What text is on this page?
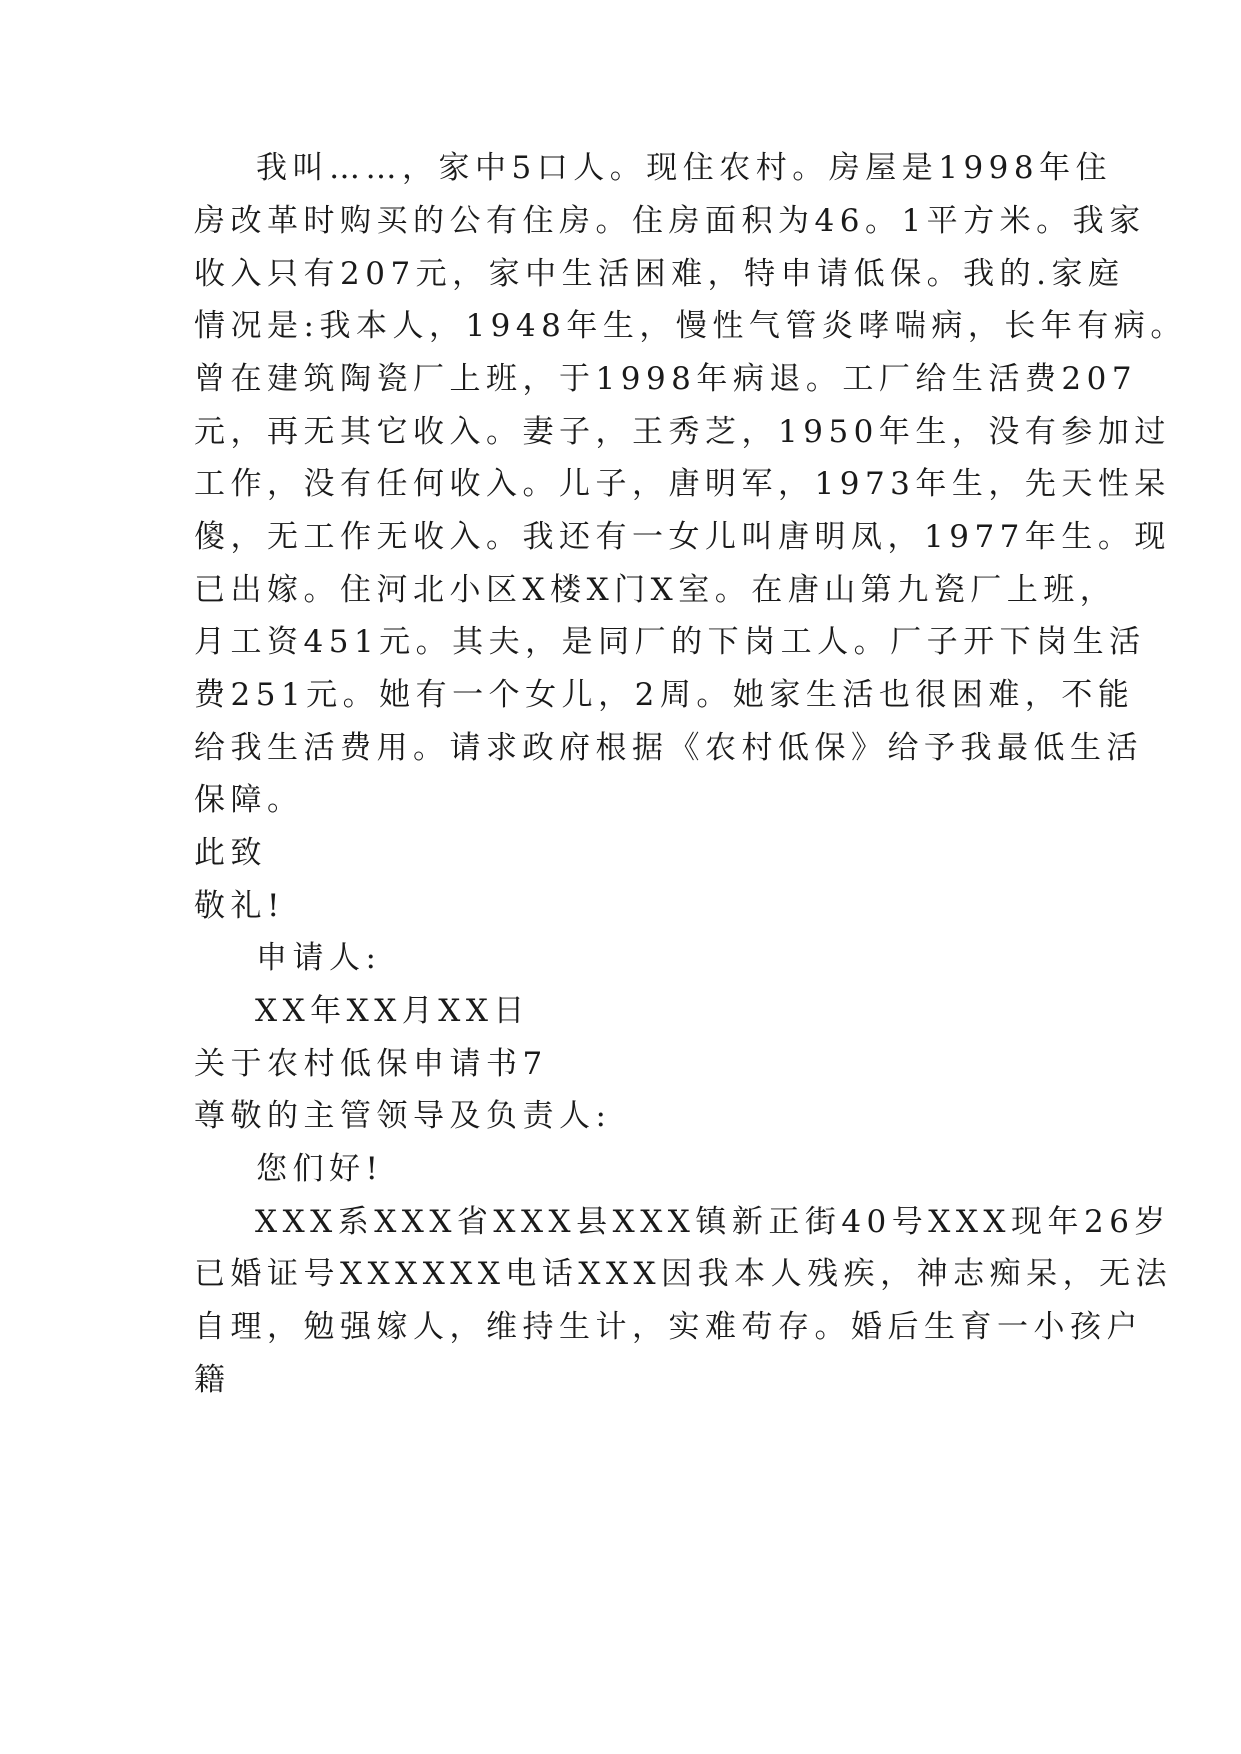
我叫……，家中5口人。现住农村。房屋是1998年住
房改革时购买的公有住房。住房面积为46。1平方米。我家
收入只有207元，家中生活困难，特申请低保。我的.家庭
情况是:我本人，1948年生，慢性气管炎哮喘病，长年有病。
曾在建筑陶瓷厂上班，于1998年病退。工厂给生活费207
元，再无其它收入。妻子，王秀芝，1950年生，没有参加过
工作，没有任何收入。儿子，唐明军，1973年生，先天性呆
傻，无工作无收入。我还有一女儿叫唐明凤，1977年生。现
已出嫁。住河北小区X楼X门X室。在唐山第九瓷厂上班，
月工资451元。其夫，是同厂的下岗工人。厂子开下岗生活
费251元。她有一个女儿，2周。她家生活也很困难，不能
给我生活费用。请求政府根据《农村低保》给予我最低生活
保障。
此致
敬礼!
申请人:
XX年XX月XX日
关于农村低保申请书7
尊敬的主管领导及负责人:
您们好!
XXX系XXX省XXX县XXX镇新正街40号XXX现年26岁
已婚证号XXXXXX电话XXX因我本人残疾，神志痴呆，无法
自理，勉强嫁人，维持生计，实难苟存。婚后生育一小孩户
籍
